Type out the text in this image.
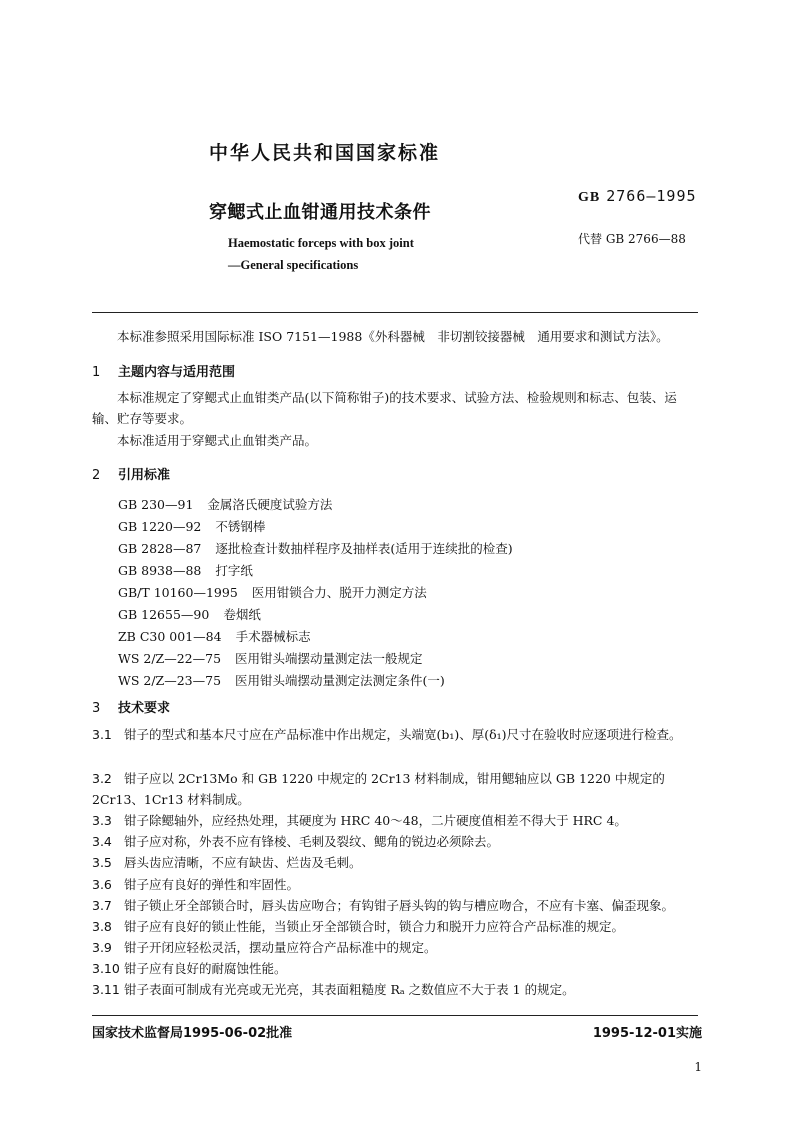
中华人民共和国国家标准
穿鳃式止血钳通用技术条件
Haemostatic forceps with box joint
—General specifications
GB 2766—1995
代替 GB 2766—88
本标准参照采用国际标准 ISO 7151—1988《外科器械　非切割铰接器械　通用要求和测试方法》。
1 主题内容与适用范围
本标准规定了穿鳃式止血钳类产品(以下简称钳子)的技术要求、试验方法、检验规则和标志、包装、运输、贮存等要求。
本标准适用于穿鳃式止血钳类产品。
2 引用标准
GB 230—91 金属洛氏硬度试验方法
GB 1220—92 不锈钢棒
GB 2828—87 逐批检查计数抽样程序及抽样表(适用于连续批的检查)
GB 8938—88 打字纸
GB/T 10160—1995 医用钳锁合力、脱开力测定方法
GB 12655—90 卷烟纸
ZB C30 001—84 手术器械标志
WS 2/Z—22—75 医用钳头端摆动量测定法一般规定
WS 2/Z—23—75 医用钳头端摆动量测定法测定条件(一)
3 技术要求
3.1 钳子的型式和基本尺寸应在产品标准中作出规定，头端宽(b₁)、厚(δ₁)尺寸在验收时应逐项进行检查。
3.2 钳子应以 2Cr13Mo 和 GB 1220 中规定的 2Cr13 材料制成，钳用鳃轴应以 GB 1220 中规定的 2Cr13、1Cr13 材料制成。
3.3 钳子除鳃轴外，应经热处理，其硬度为 HRC 40～48，二片硬度值相差不得大于 HRC 4。
3.4 钳子应对称，外表不应有锋棱、毛刺及裂纹、鳃角的锐边必须除去。
3.5 唇头齿应清晰，不应有缺齿、烂齿及毛刺。
3.6 钳子应有良好的弹性和牢固性。
3.7 钳子锁止牙全部锁合时，唇头齿应吻合；有钩钳子唇头钩的钩与槽应吻合，不应有卡塞、偏歪现象。
3.8 钳子应有良好的锁止性能，当锁止牙全部锁合时，锁合力和脱开力应符合产品标准的规定。
3.9 钳子开闭应轻松灵活，摆动量应符合产品标准中的规定。
3.10 钳子应有良好的耐腐蚀性能。
3.11 钳子表面可制成有光亮或无光亮，其表面粗糙度 Rₐ 之数值应不大于表 1 的规定。
国家技术监督局1995-06-02批准	1995-12-01实施
1
